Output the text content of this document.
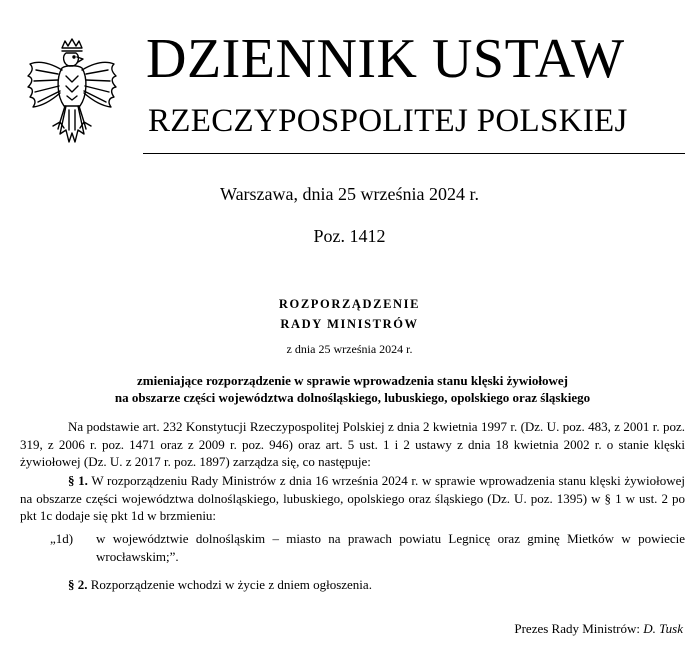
DZIENNIK USTAW
RZECZYPOSPOLITEJ POLSKIEJ
Warszawa, dnia 25 września 2024 r.
Poz. 1412
ROZPORZĄDZENIE
RADY MINISTRÓW
z dnia 25 września 2024 r.
zmieniające rozporządzenie w sprawie wprowadzenia stanu klęski żywiołowej
na obszarze części województwa dolnośląskiego, lubuskiego, opolskiego oraz śląskiego
Na podstawie art. 232 Konstytucji Rzeczypospolitej Polskiej z dnia 2 kwietnia 1997 r. (Dz. U. poz. 483, z 2001 r. poz. 319, z 2006 r. poz. 1471 oraz z 2009 r. poz. 946) oraz art. 5 ust. 1 i 2 ustawy z dnia 18 kwietnia 2002 r. o stanie klęski żywiołowej (Dz. U. z 2017 r. poz. 1897) zarządza się, co następuje:
§ 1. W rozporządzeniu Rady Ministrów z dnia 16 września 2024 r. w sprawie wprowadzenia stanu klęski żywiołowej na obszarze części województwa dolnośląskiego, lubuskiego, opolskiego oraz śląskiego (Dz. U. poz. 1395) w § 1 w ust. 2 po pkt 1c dodaje się pkt 1d w brzmieniu:
„1d) w województwie dolnośląskim – miasto na prawach powiatu Legnicę oraz gminę Mietków w powiecie wrocławskim;”.
§ 2. Rozporządzenie wchodzi w życie z dniem ogłoszenia.
Prezes Rady Ministrów: D. Tusk
